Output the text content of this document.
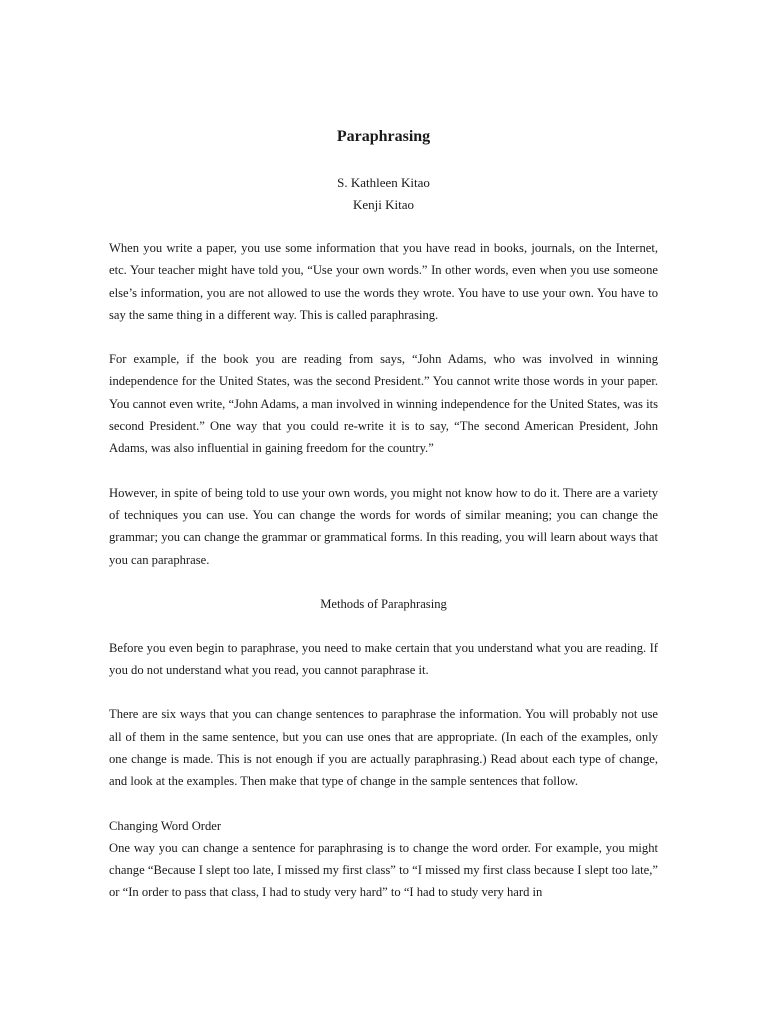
Paraphrasing

S. Kathleen Kitao

Kenji Kitao

When you write a paper, you use some information that you have read in books, journals, on the Internet, etc. Your teacher might have told you, “Use your own words.” In other words, even when you use someone else’s information, you are not allowed to use the words they wrote. You have to use your own. You have to say the same thing in a different way. This is called paraphrasing.

For example, if the book you are reading from says, “John Adams, who was involved in winning independence for the United States, was the second President.” You cannot write those words in your paper. You cannot even write, “John Adams, a man involved in winning independence for the United States, was its second President.” One way that you could re-write it is to say, “The second American President, John Adams, was also influential in gaining freedom for the country.”

However, in spite of being told to use your own words, you might not know how to do it. There are a variety of techniques you can use. You can change the words for words of similar meaning; you can change the grammar; you can change the grammar or grammatical forms. In this reading, you will learn about ways that you can paraphrase.

Methods of Paraphrasing

Before you even begin to paraphrase, you need to make certain that you understand what you are reading. If you do not understand what you read, you cannot paraphrase it.

There are six ways that you can change sentences to paraphrase the information. You will probably not use all of them in the same sentence, but you can use ones that are appropriate. (In each of the examples, only one change is made. This is not enough if you are actually paraphrasing.) Read about each type of change, and look at the examples. Then make that type of change in the sample sentences that follow.

Changing Word Order

One way you can change a sentence for paraphrasing is to change the word order. For example, you might change “Because I slept too late, I missed my first class” to “I missed my first class because I slept too late,” or “In order to pass that class, I had to study very hard” to “I had to study very hard in
